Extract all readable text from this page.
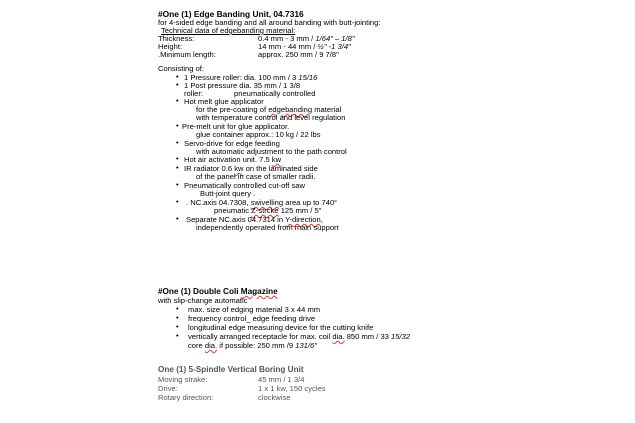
#One (1) Edge Banding Unit, 04.7316
for 4-sided edge banding and all around banding with butt-jointing:
Technical data of edgebanding material:
Thickness:	0.4 mm - 3 mm / 1/64" – 1/8"
Height:	14 mm - 44 mm / ½" -1 3/4"
.Minimum length:	approx. 250 mm / 9 7/8"
Consisting of:
• 1 Pressure roller: dia. 100 mm / 3 15/16
• 1 Post pressure dia. 35 mm / 1 3/8
roller:	pneumatically controlled
• Hot melt glue applicator
for the pre-coating of edgebanding material
with temperature control and level regulation
• Pre-melt unit for glue applicator.
glue container approx.: 10 kg / 22 lbs
• Servo-drive for edge feeding
with automatic adjustment to the path control
• Hot air activation unit. 7.5 kw
• IR radiator 0.6 kw on the laminated side
of the panel in case of smaller radii.
• Pneumatically controlled cut-off saw
Butt-joint query .
• . NC.axis 04.7308, swivelling area up to 740°
pneumatic Z-strcke 125 mm / 5"
• Separate NC.axis 04.7314 in Y-direction,
independently operated from main support
#One (1) Double Coli Magazine
with slip-change automatic
• max. size of edging material 3 x 44 mm
• frequency control_ edge feeding drive
• longitudinal edge measuring device for the cutting knife
• vertically arranged receptacle for max. coil dia. 850 mm / 33 15/32
core dia. if possible: 250 mm /9 131/6"
One (1) 5-Spindle Vertical Boring Unit
Moving strake:	45 mm / 1 3/4
Drive:	1 x 1 kw, 150 cycles
Rotary direction:	clockwise
